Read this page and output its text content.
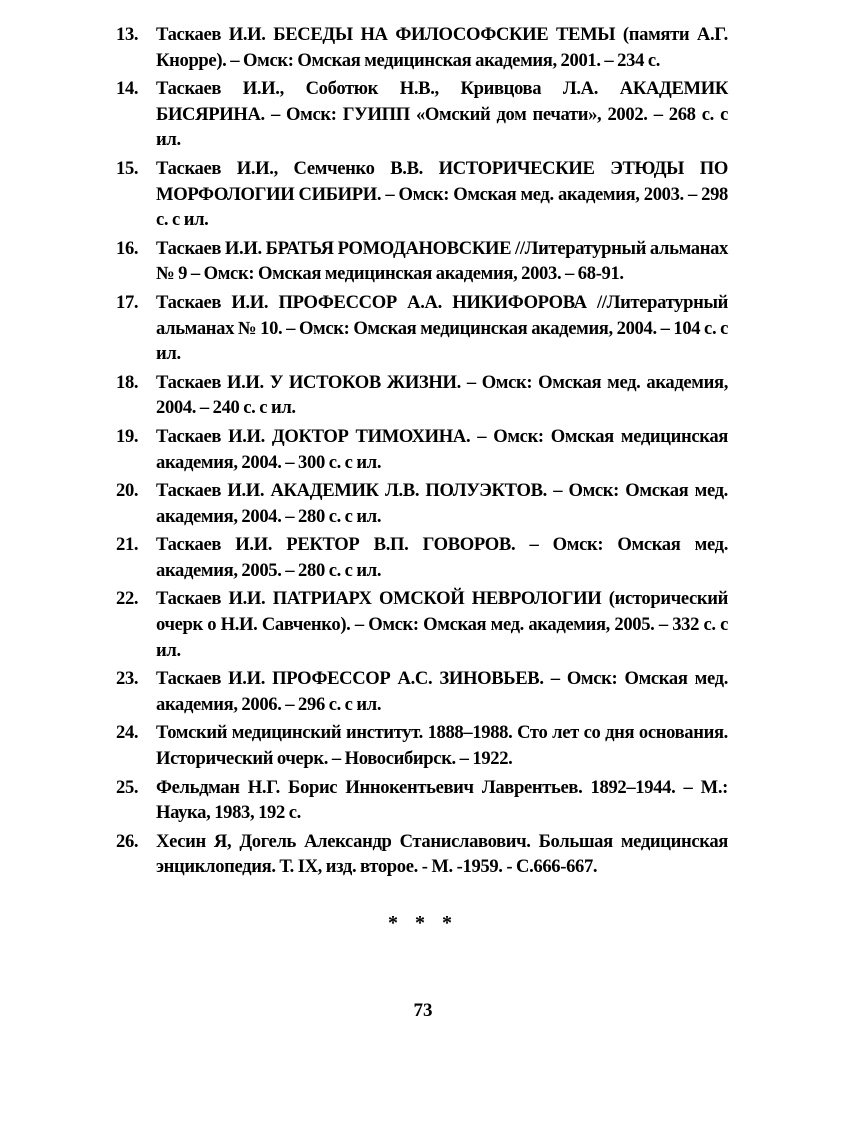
13. Таскаев И.И. БЕСЕДЫ НА ФИЛОСОФСКИЕ ТЕМЫ (памяти А.Г. Кнорре). – Омск: Омская медицинская академия, 2001. – 234 с.
14. Таскаев И.И., Соботюк Н.В., Кривцова Л.А. АКАДЕМИК БИСЯРИНА. – Омск: ГУИПП «Омский дом печати», 2002. – 268 с. с ил.
15. Таскаев И.И., Семченко В.В. ИСТОРИЧЕСКИЕ ЭТЮДЫ ПО МОРФОЛОГИИ СИБИРИ. – Омск: Омская мед. академия, 2003. – 298 с. с ил.
16. Таскаев И.И. БРАТЬЯ РОМОДАНОВСКИЕ //Литературный альманах № 9 – Омск: Омская медицинская академия, 2003. – 68-91.
17. Таскаев И.И. ПРОФЕССОР А.А. НИКИФОРОВА //Литературный альманах № 10. – Омск: Омская медицинская академия, 2004. – 104 с. с ил.
18. Таскаев И.И. У ИСТОКОВ ЖИЗНИ. – Омск: Омская мед. академия, 2004. – 240 с. с ил.
19. Таскаев И.И. ДОКТОР ТИМОХИНА. – Омск: Омская медицинская академия, 2004. – 300 с. с ил.
20. Таскаев И.И. АКАДЕМИК Л.В. ПОЛУЭКТОВ. – Омск: Омская мед. академия, 2004. – 280 с. с ил.
21. Таскаев И.И. РЕКТОР В.П. ГОВОРОВ. – Омск: Омская мед. академия, 2005. – 280 с. с ил.
22. Таскаев И.И. ПАТРИАРХ ОМСКОЙ НЕВРОЛОГИИ (исторический очерк о Н.И. Савченко). – Омск: Омская мед. академия, 2005. – 332 с. с ил.
23. Таскаев И.И. ПРОФЕССОР А.С. ЗИНОВЬЕВ. – Омск: Омская мед. академия, 2006. – 296 с. с ил.
24. Томский медицинский институт. 1888–1988. Сто лет со дня основания. Исторический очерк. – Новосибирск. – 1922.
25. Фельдман Н.Г. Борис Иннокентьевич Лаврентьев. 1892–1944. – М.: Наука, 1983, 192 с.
26. Хесин Я, Догель Александр Станиславович. Большая медицинская энциклопедия. Т. IX, изд. второе. - М. -1959. - С.666-667.
* * *
73
